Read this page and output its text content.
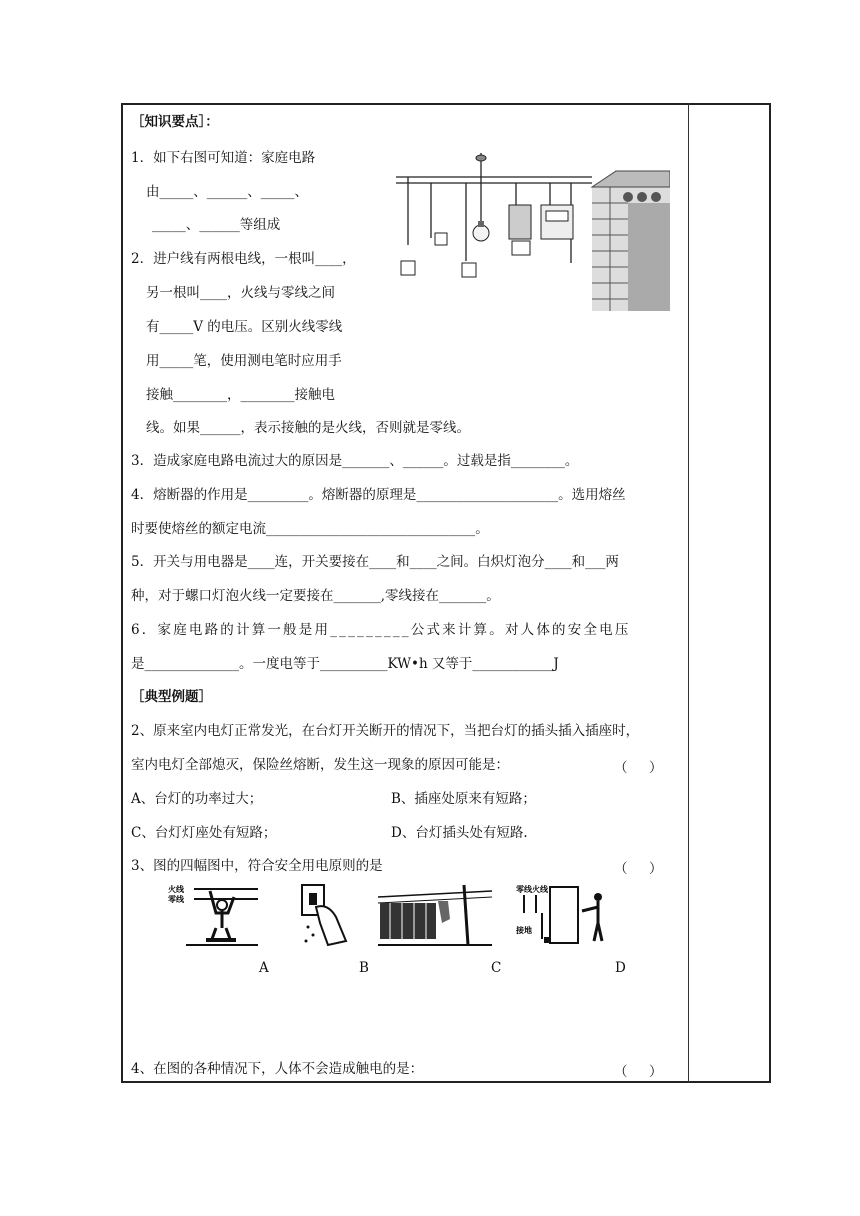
［知识要点］：
1．如下右图可知道：家庭电路
由_____、______、_____、
_____、______等组成
2．进户线有两根电线，一根叫____，
另一根叫____，火线与零线之间
有_____V 的电压。区别火线零线
用_____笔，使用测电笔时应用手
接触________，________接触电
线。如果______，表示接触的是火线，否则就是零线。
3．造成家庭电路电流过大的原因是_______、______。过载是指________。
4．熔断器的作用是_________。熔断器的原理是_____________________。选用熔丝
时要使熔丝的额定电流_______________________________。
5．开关与用电器是____连，开关要接在____和____之间。白炽灯泡分____和___两
种，对于螺口灯泡火线一定要接在_______,零线接在_______。
6．家庭电路的计算一般是用_________公式来计算。对人体的安全电压
是______________。一度电等于__________KW•h 又等于____________J
［典型例题］
2、原来室内电灯正常发光，在台灯开关断开的情况下，当把台灯的插头插入插座时，
室内电灯全部熄灭，保险丝熔断，发生这一现象的原因可能是：	（     ）
A、台灯的功率过大；	B、插座处原来有短路；
C、台灯灯座处有短路；	D、台灯插头处有短路.
3、图的四幅图中，符合安全用电原则的是	（     ）
火线
零线
零线 火线
接地
A	B	C	D
4、在图的各种情况下，人体不会造成触电的是：	（     ）
